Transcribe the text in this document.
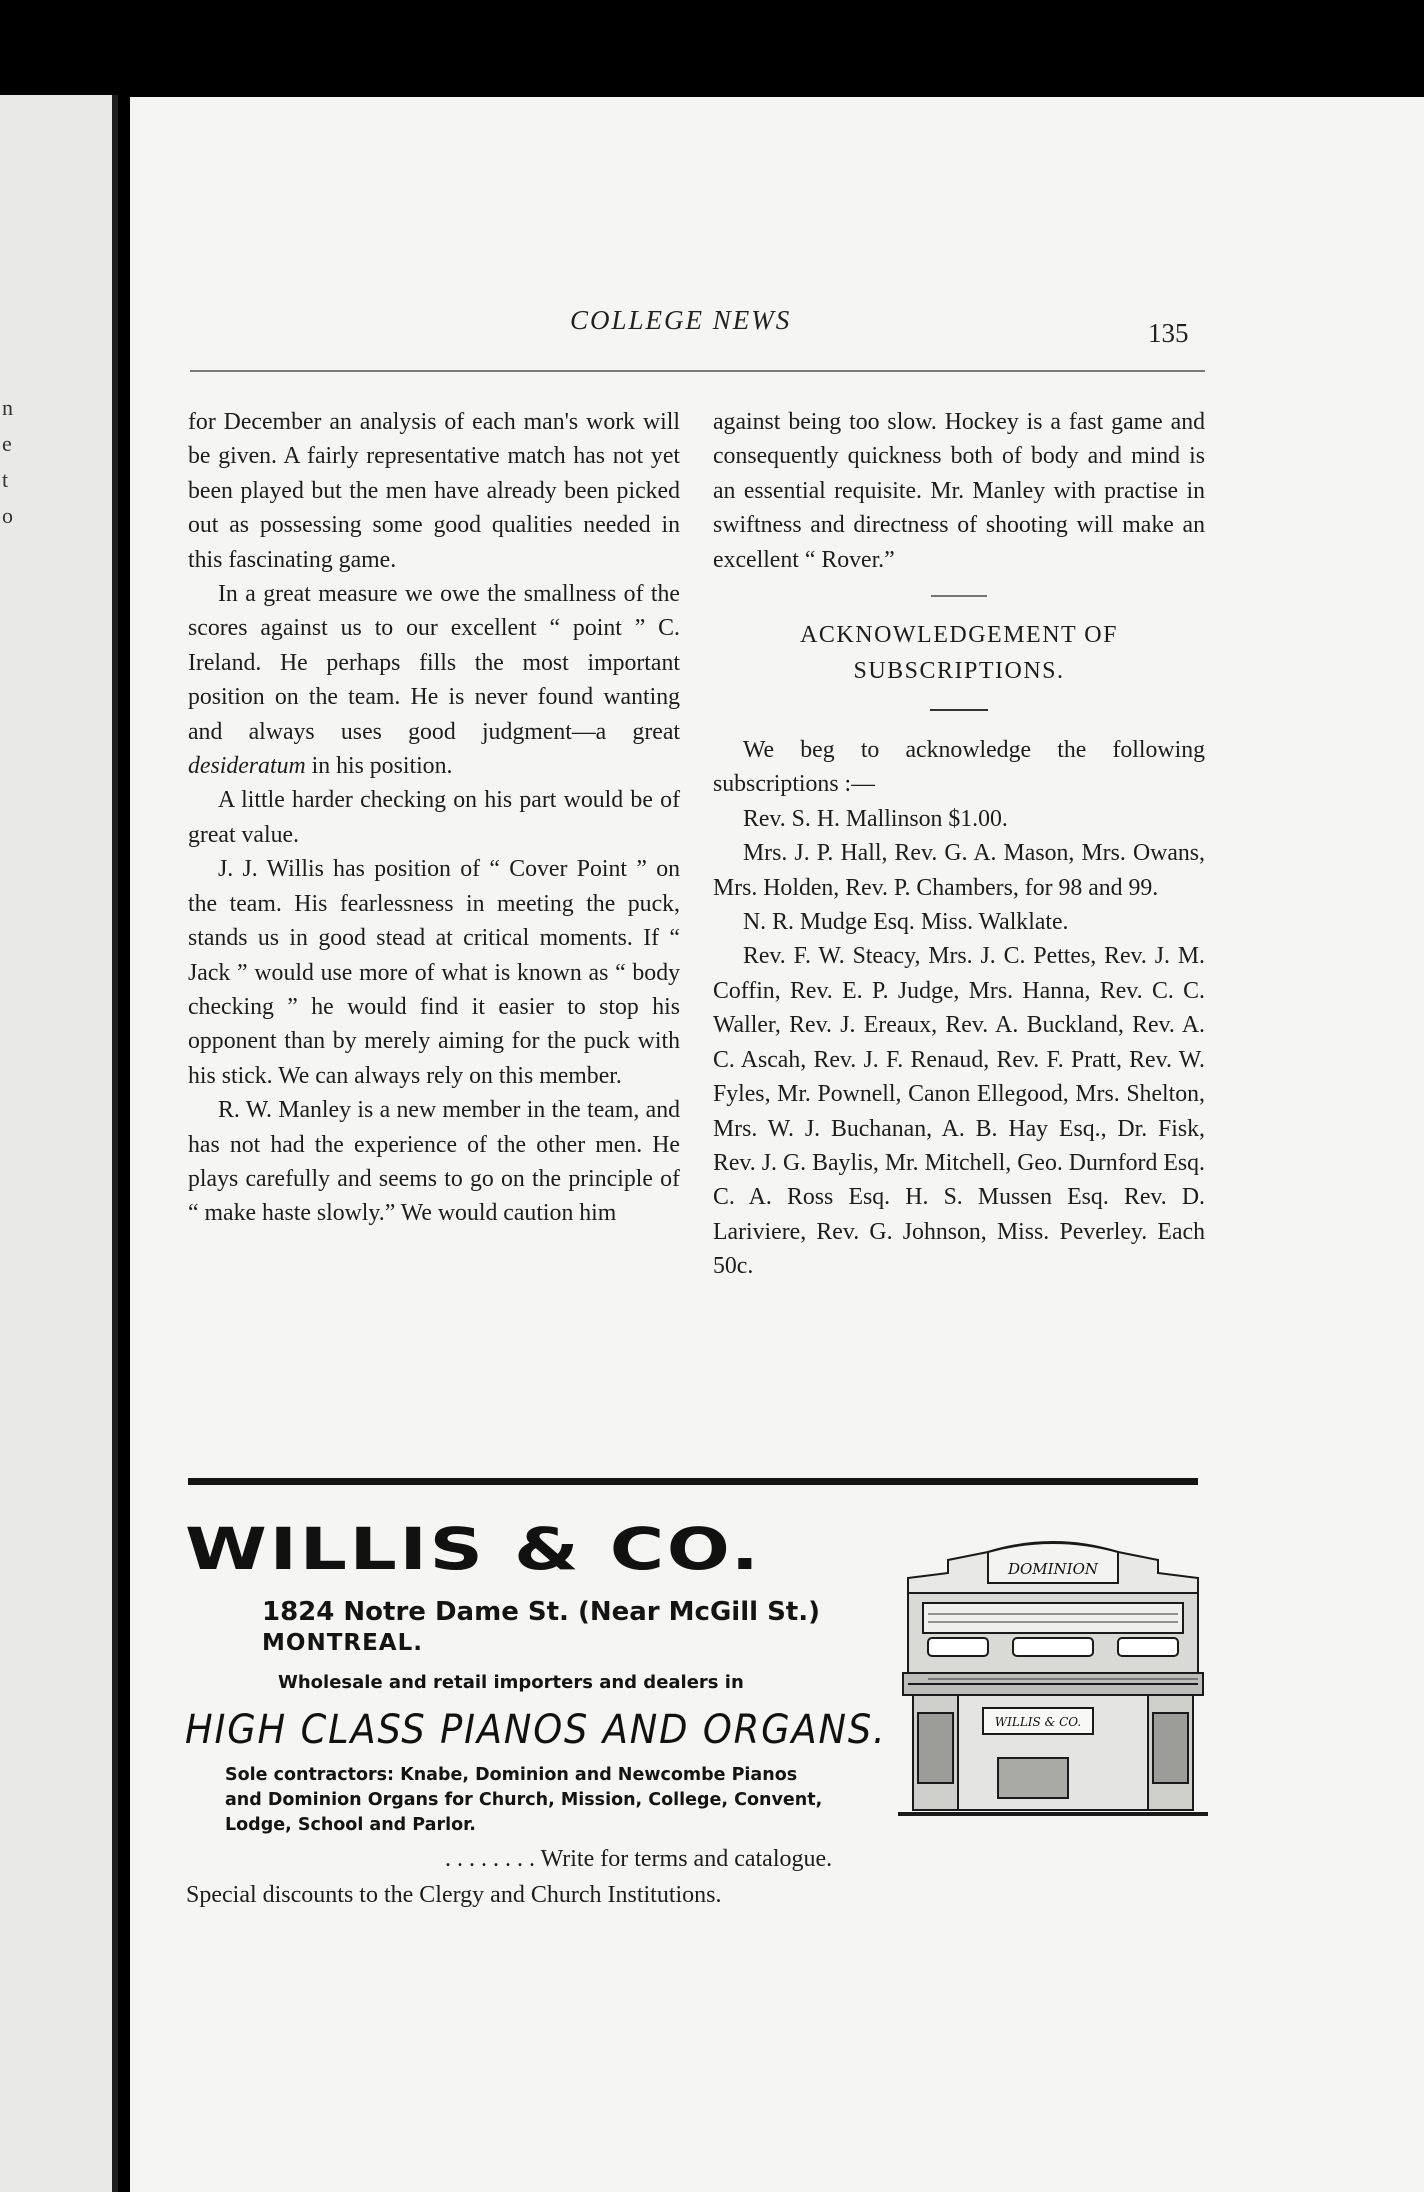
n
e
t
o
COLLEGE NEWS	135

for December an analysis of each man's work will be given. A fairly representative match has not yet been played but the men have already been picked out as possessing some good qualities needed in this fascinating game.

In a great measure we owe the smallness of the scores against us to our excellent “ point ” C. Ireland. He perhaps fills the most important position on the team. He is never found wanting and always uses good judgment—a great desideratum in his position.

A little harder checking on his part would be of great value.

J. J. Willis has position of “ Cover Point ” on the team. His fearlessness in meeting the puck, stands us in good stead at critical moments. If “ Jack ” would use more of what is known as “ body checking ” he would find it easier to stop his opponent than by merely aiming for the puck with his stick. We can always rely on this member.

R. W. Manley is a new member in the team, and has not had the experience of the other men. He plays carefully and seems to go on the principle of “ make haste slowly.” We would caution him

against being too slow. Hockey is a fast game and consequently quickness both of body and mind is an essential requisite. Mr. Manley with practise in swiftness and directness of shooting will make an excellent “ Rover.”

ACKNOWLEDGEMENT OF

SUBSCRIPTIONS.

We beg to acknowledge the following subscriptions :—

Rev. S. H. Mallinson $1.00.

Mrs. J. P. Hall, Rev. G. A. Mason, Mrs. Owans, Mrs. Holden, Rev. P. Chambers, for 98 and 99.

N. R. Mudge Esq. Miss. Walklate.

Rev. F. W. Steacy, Mrs. J. C. Pettes, Rev. J. M. Coffin, Rev. E. P. Judge, Mrs. Hanna, Rev. C. C. Waller, Rev. J. Ereaux, Rev. A. Buckland, Rev. A. C. Ascah, Rev. J. F. Renaud, Rev. F. Pratt, Rev. W. Fyles, Mr. Pownell, Canon Ellegood, Mrs. Shelton, Mrs. W. J. Buchanan, A. B. Hay Esq., Dr. Fisk, Rev. J. G. Baylis, Mr. Mitchell, Geo. Durnford Esq. C. A. Ross Esq. H. S. Mussen Esq. Rev. D. Lariviere, Rev. G. Johnson, Miss. Peverley. Each 50c.

WILLIS & CO.
1824 Notre Dame St. (Near McGill St.)
MONTREAL.
Wholesale and retail importers and dealers in
HIGH CLASS PIANOS AND ORGANS.
Sole contractors: Knabe, Dominion and Newcombe Pianos and Dominion Organs for Church, Mission, College, Convent, Lodge, School and Parlor.
. . . . . . . . Write for terms and catalogue.
Special discounts to the Clergy and Church Institutions.
DOMINION
WILLIS & CO.
